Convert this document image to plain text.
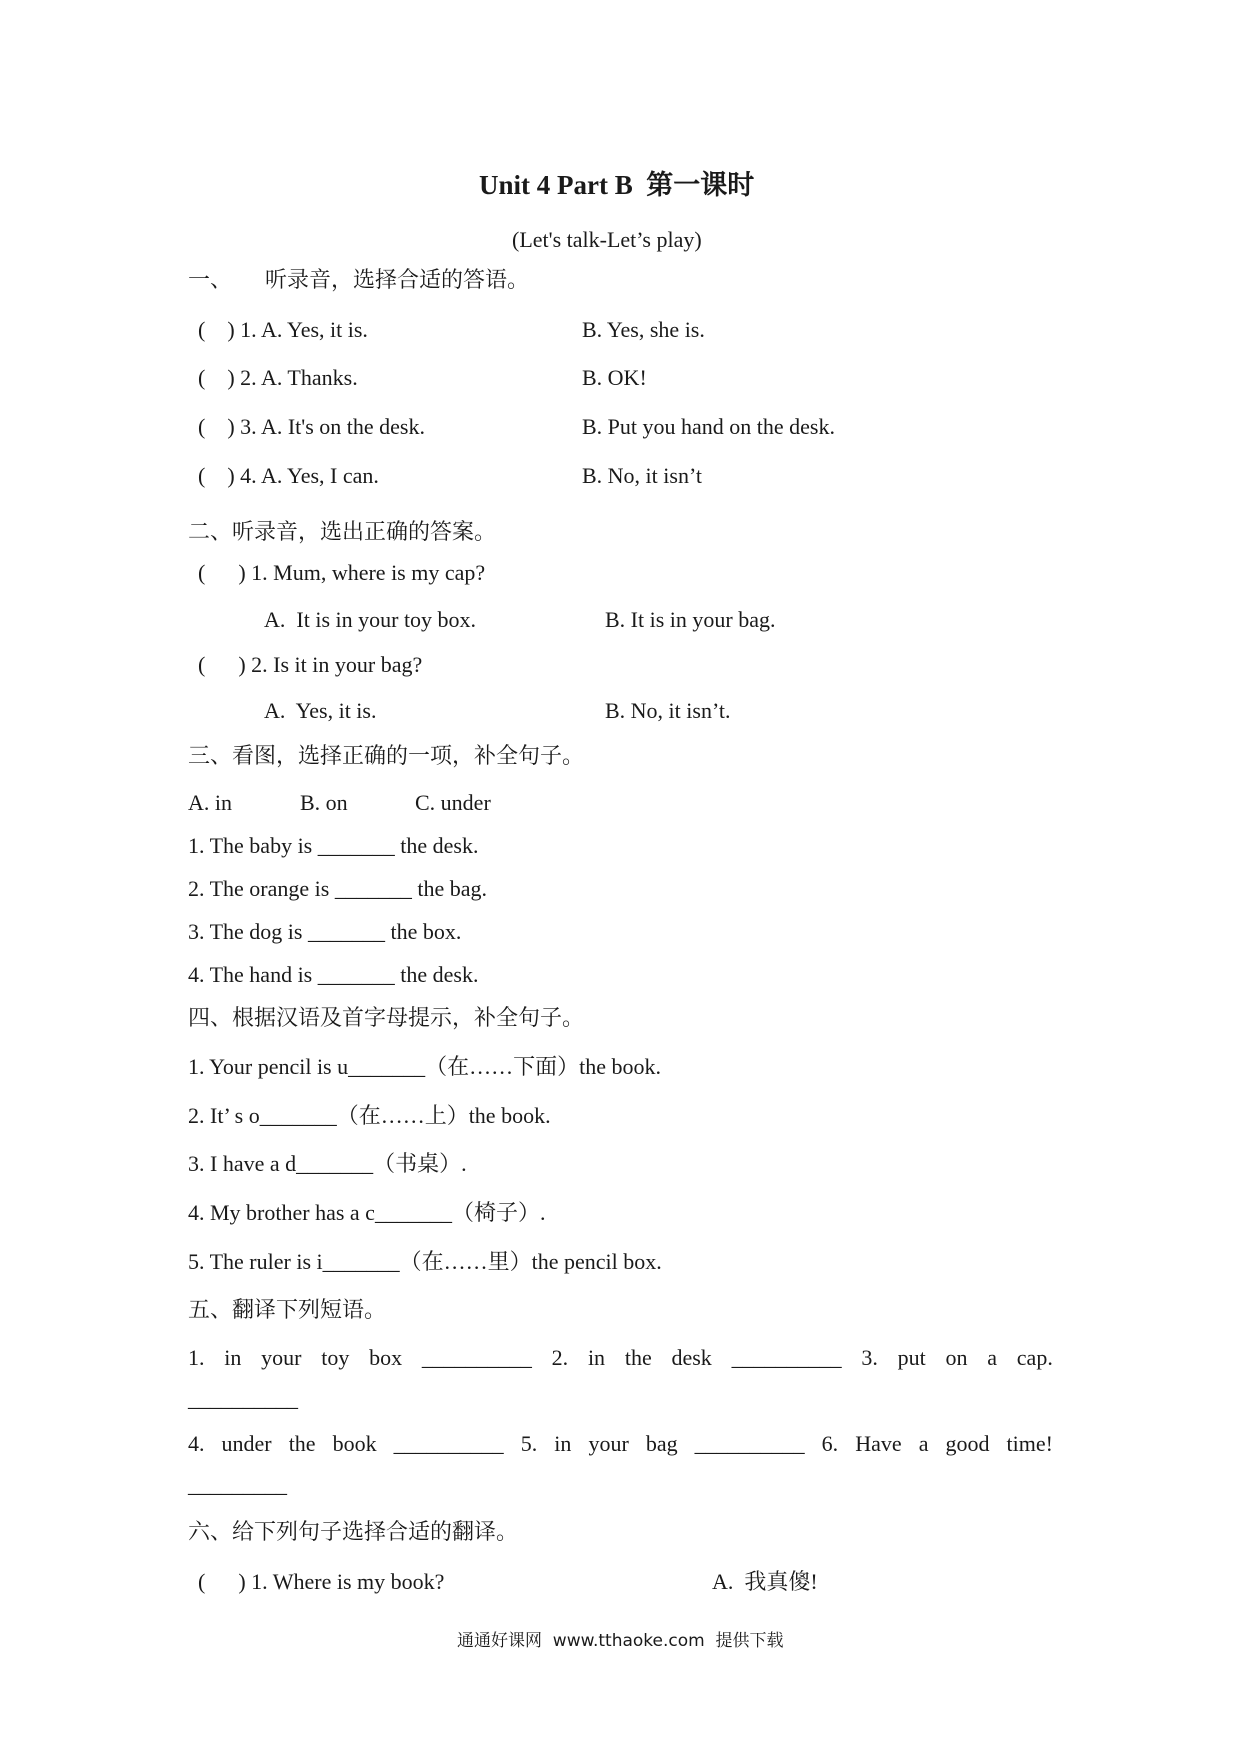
Unit 4 Part B  第一课时
(Let's talk-Let’s play)
一、      听录音，选择合适的答语。
(    ) 1. A. Yes, it is.	B. Yes, she is.
(    ) 2. A. Thanks.	B. OK!
(    ) 3. A. It's on the desk.	B. Put you hand on the desk.
(    ) 4. A. Yes, I can.	B. No, it isn’t
二、听录音，选出正确的答案。
(      ) 1. Mum, where is my cap?
A.  It is in your toy box.	B. It is in your bag.
(      ) 2. Is it in your bag?
A.  Yes, it is.	B. No, it isn’t.
三、看图，选择正确的一项，补全句子。
A. in	B. on	C. under
1. The baby is _______ the desk.
2. The orange is _______ the bag.
3. The dog is _______ the box.
4. The hand is _______ the desk.
四、根据汉语及首字母提示，补全句子。
1. Your pencil is u_______（在……下面）the book.
2. It’ s o_______（在……上）the book.
3. I have a d_______（书桌）.
4. My brother has a c_______（椅子）.
5. The ruler is i_______（在……里）the pencil box.
五、翻译下列短语。
1. in your toy box __________ 2. in the desk __________ 3. put on a cap.
__________
4. under the book __________ 5. in your bag __________ 6. Have a good time!
_________
六、给下列句子选择合适的翻译。
(      ) 1. Where is my book?	A.  我真傻!
通通好课网  www.tthaoke.com  提供下载
